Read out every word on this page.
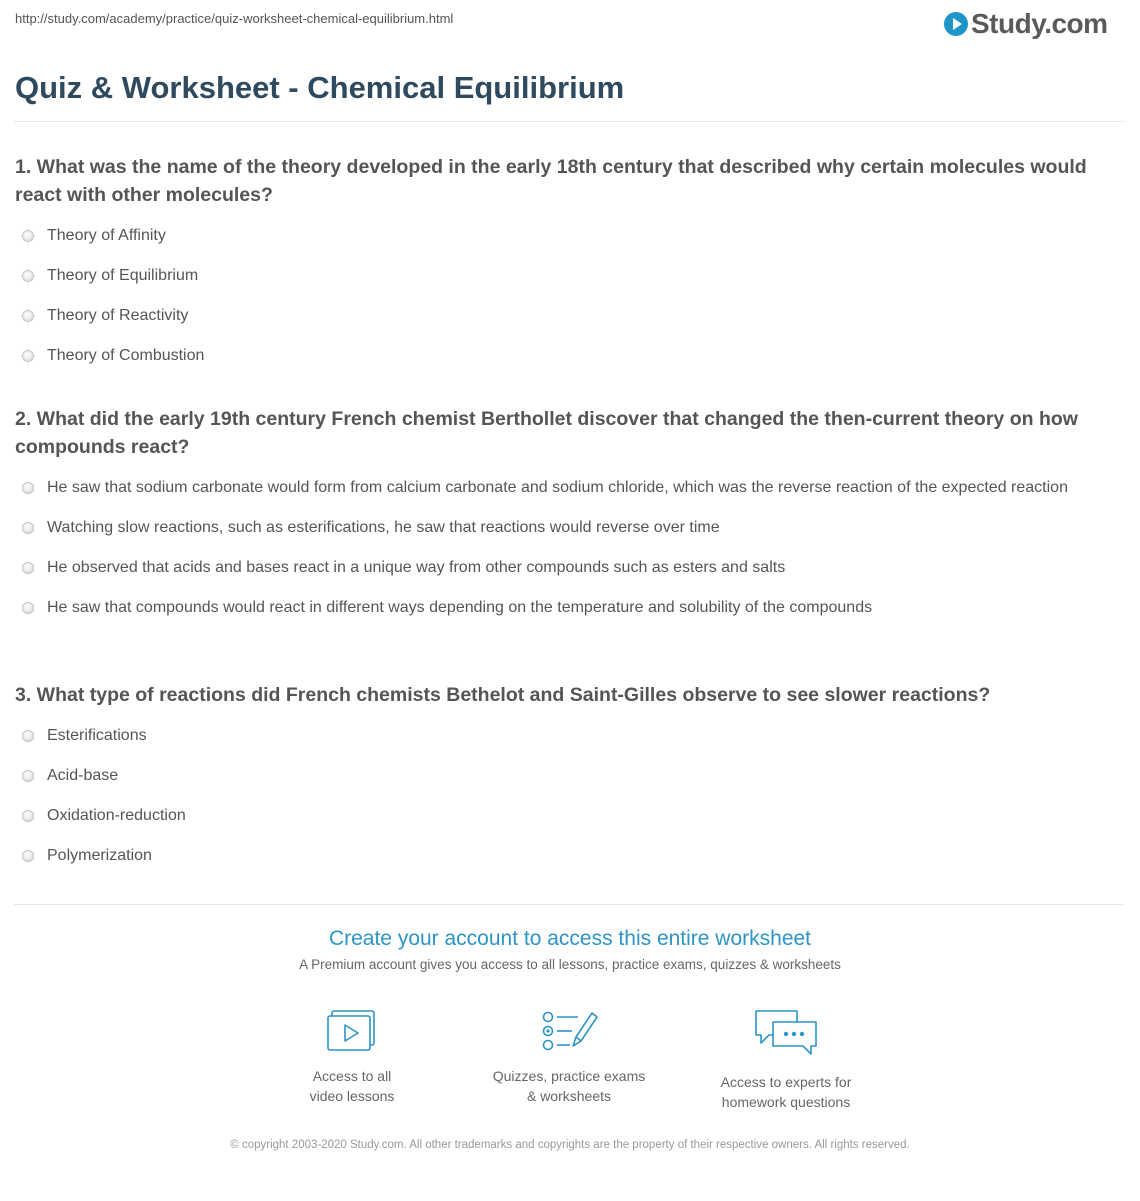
http://study.com/academy/practice/quiz-worksheet-chemical-equilibrium.html	Study.com
Quiz & Worksheet - Chemical Equilibrium
1. What was the name of the theory developed in the early 18th century that described why certain molecules would react with other molecules?
Theory of Affinity
Theory of Equilibrium
Theory of Reactivity
Theory of Combustion
2. What did the early 19th century French chemist Berthollet discover that changed the then-current theory on how compounds react?
He saw that sodium carbonate would form from calcium carbonate and sodium chloride, which was the reverse reaction of the expected reaction
Watching slow reactions, such as esterifications, he saw that reactions would reverse over time
He observed that acids and bases react in a unique way from other compounds such as esters and salts
He saw that compounds would react in different ways depending on the temperature and solubility of the compounds
3. What type of reactions did French chemists Bethelot and Saint-Gilles observe to see slower reactions?
Esterifications
Acid-base
Oxidation-reduction
Polymerization
Create your account to access this entire worksheet
A Premium account gives you access to all lessons, practice exams, quizzes & worksheets
Access to all
video lessons
Quizzes, practice exams
& worksheets
Access to experts for
homework questions
© copyright 2003-2020 Study.com. All other trademarks and copyrights are the property of their respective owners. All rights reserved.
